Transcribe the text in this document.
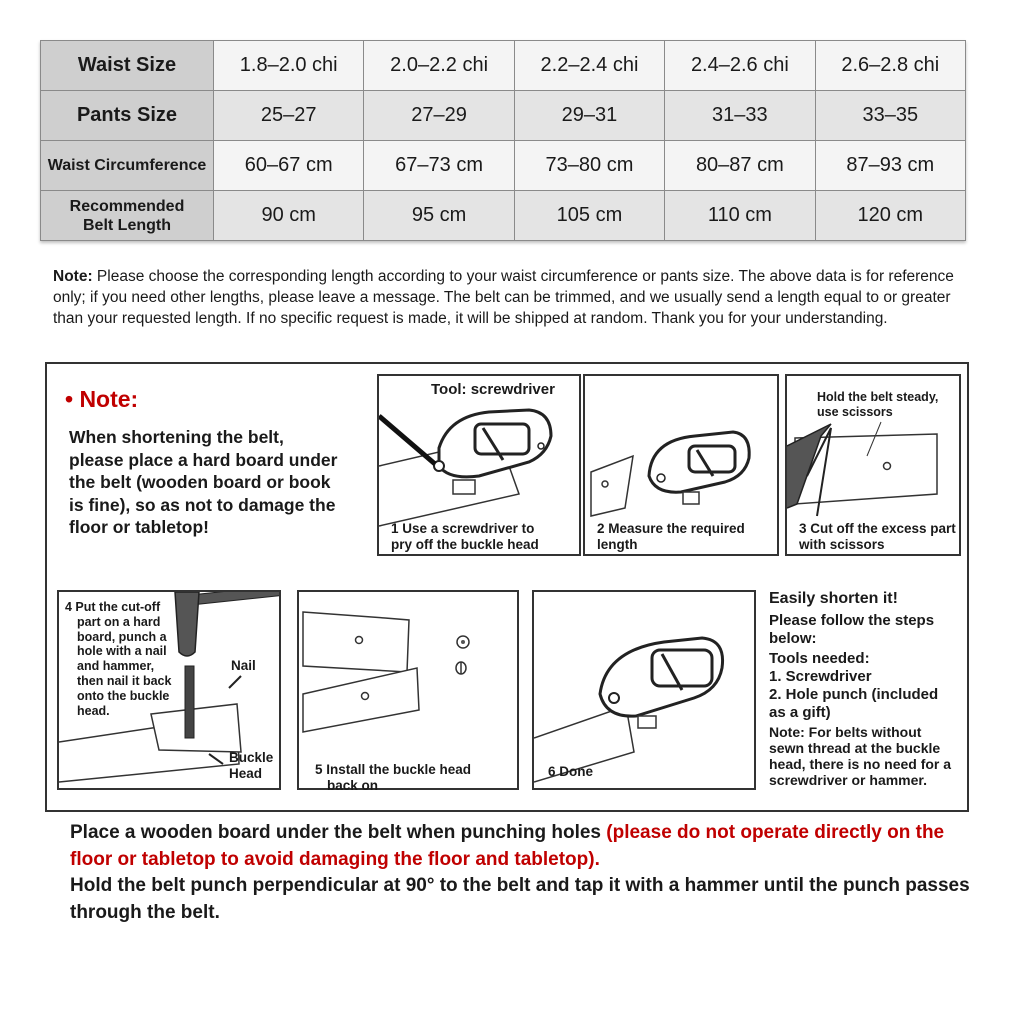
Waist Size	1.8–2.0 chi	2.0–2.2 chi	2.2–2.4 chi	2.4–2.6 chi	2.6–2.8 chi
Pants Size	25–27	27–29	29–31	31–33	33–35
Waist Circumference	60–67 cm	67–73 cm	73–80 cm	80–87 cm	87–93 cm
Recommended
Belt Length	90 cm	95 cm	105 cm	110 cm	120 cm
Note: Please choose the corresponding length according to your waist circumference or pants size. The above data is for reference only; if you need other lengths, please leave a message. The belt can be trimmed, and we usually send a length equal to or greater than your requested length. If no specific request is made, it will be shipped at random. Thank you for your understanding.
• Note:
When shortening the belt, please place a hard board under the belt (wooden board or book is fine), so as not to damage the floor or tabletop!
Tool: screwdriver
1 Use a screwdriver to
pry off the buckle head
2 Measure the required
length
Hold the belt steady,
use scissors
3 Cut off the excess part
with scissors
4 Put the cut-off
part on a hard
board, punch a
hole with a nail
and hammer,
then nail it back
onto the buckle
head.
Nail
Buckle
Head	5 Install the buckle head
back on
6 Done
Easily shorten it!
Please follow the steps below:
Tools needed:
1. Screwdriver
2. Hole punch (included as a gift)
Note: For belts without sewn thread at the buckle head, there is no need for a screwdriver or hammer.
Place a wooden board under the belt when punching holes (please do not operate directly on the floor or tabletop to avoid damaging the floor and tabletop).
Hold the belt punch perpendicular at 90° to the belt and tap it with a hammer until the punch passes through the belt.
